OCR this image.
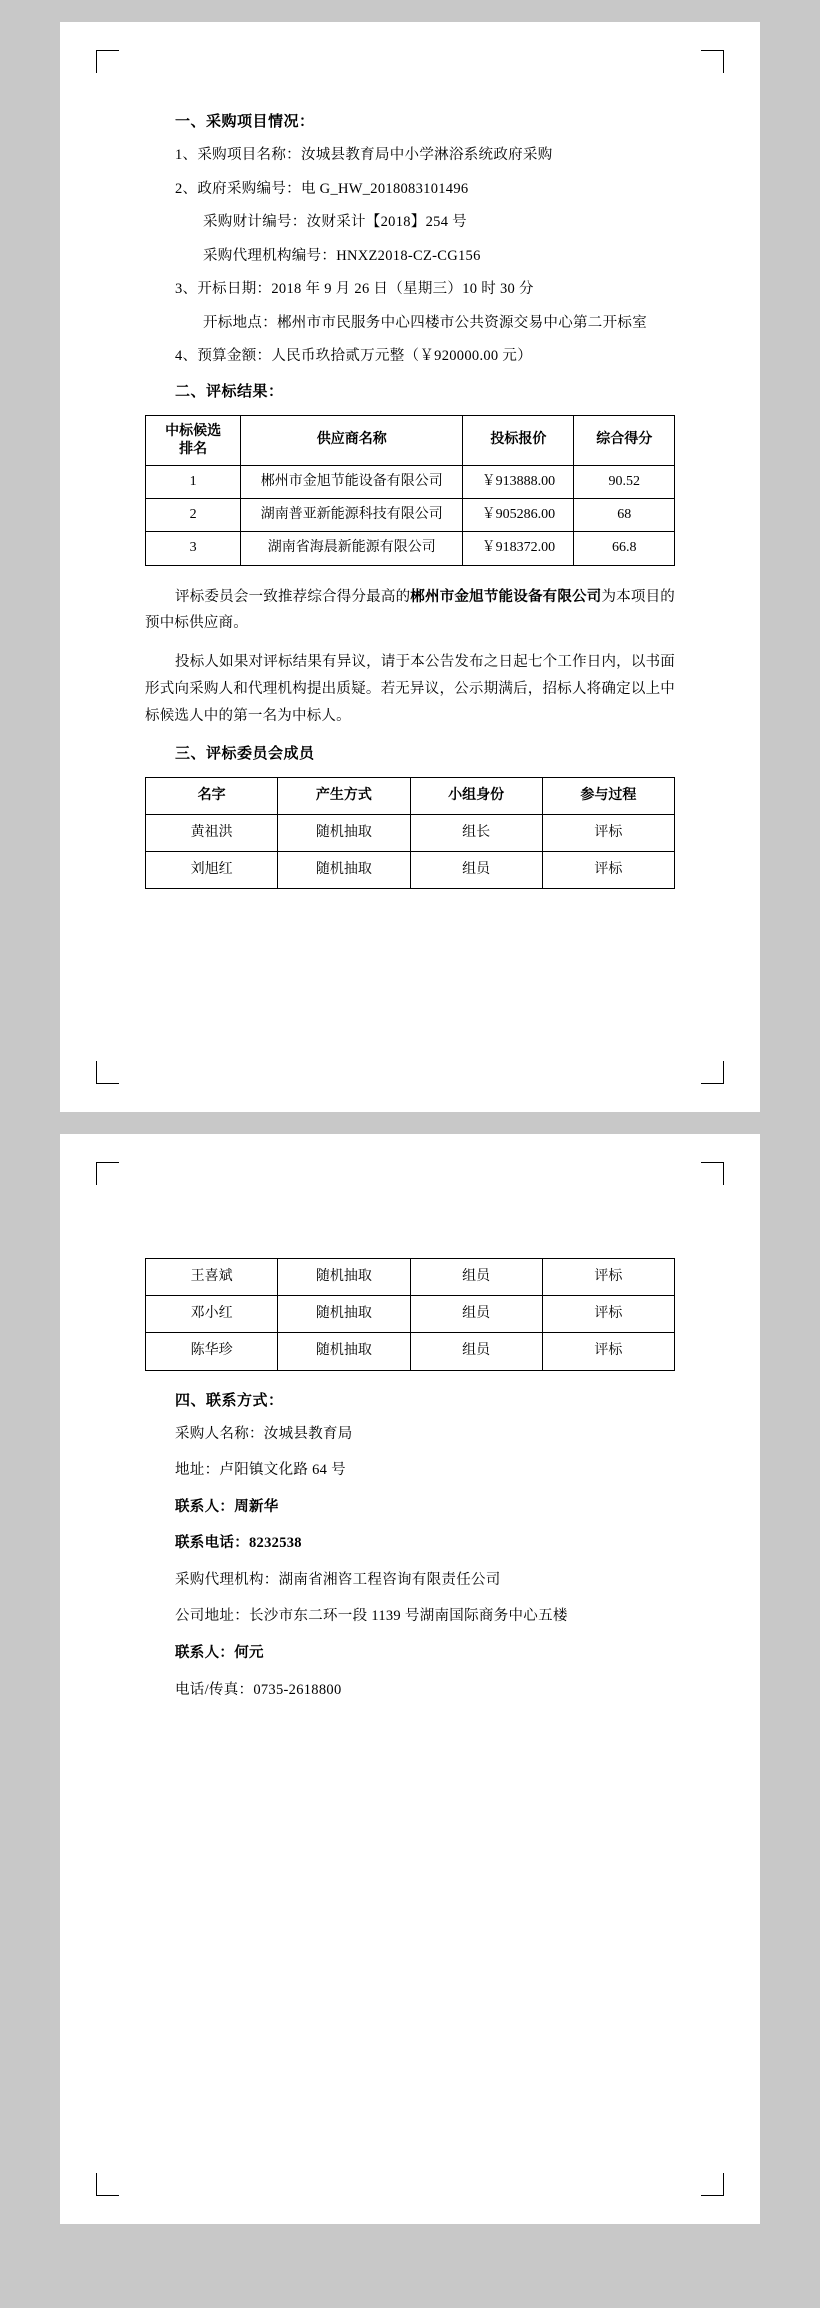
一、采购项目情况：
1、采购项目名称：汝城县教育局中小学淋浴系统政府采购
2、政府采购编号：电 G_HW_2018083101496
采购财计编号：汝财采计【2018】254 号
采购代理机构编号：HNXZ2018-CZ-CG156
3、开标日期：2018 年 9 月 26 日（星期三）10 时 30 分
开标地点：郴州市市民服务中心四楼市公共资源交易中心第二开标室
4、预算金额：人民币玖拾贰万元整（￥920000.00 元）
二、评标结果：
中标候选
排名	供应商名称	投标报价	综合得分
1	郴州市金旭节能设备有限公司	￥913888.00	90.52
2	湖南普亚新能源科技有限公司	￥905286.00	68
3	湖南省海晨新能源有限公司	￥918372.00	66.8

评标委员会一致推荐综合得分最高的郴州市金旭节能设备有限公司为本项目的预中标供应商。

投标人如果对评标结果有异议，请于本公告发布之日起七个工作日内，以书面形式向采购人和代理机构提出质疑。若无异议，公示期满后，招标人将确定以上中标候选人中的第一名为中标人。

三、评标委员会成员
名字	产生方式	小组身份	参与过程
黄祖洪	随机抽取	组长	评标
刘旭红	随机抽取	组员	评标
王喜斌	随机抽取	组员	评标
邓小红	随机抽取	组员	评标
陈华珍	随机抽取	组员	评标
四、联系方式：
采购人名称：汝城县教育局
地址：卢阳镇文化路 64 号
联系人：周新华
联系电话：8232538
采购代理机构：湖南省湘咨工程咨询有限责任公司
公司地址：长沙市东二环一段 1139 号湖南国际商务中心五楼
联系人：何元
电话/传真：0735-2618800
